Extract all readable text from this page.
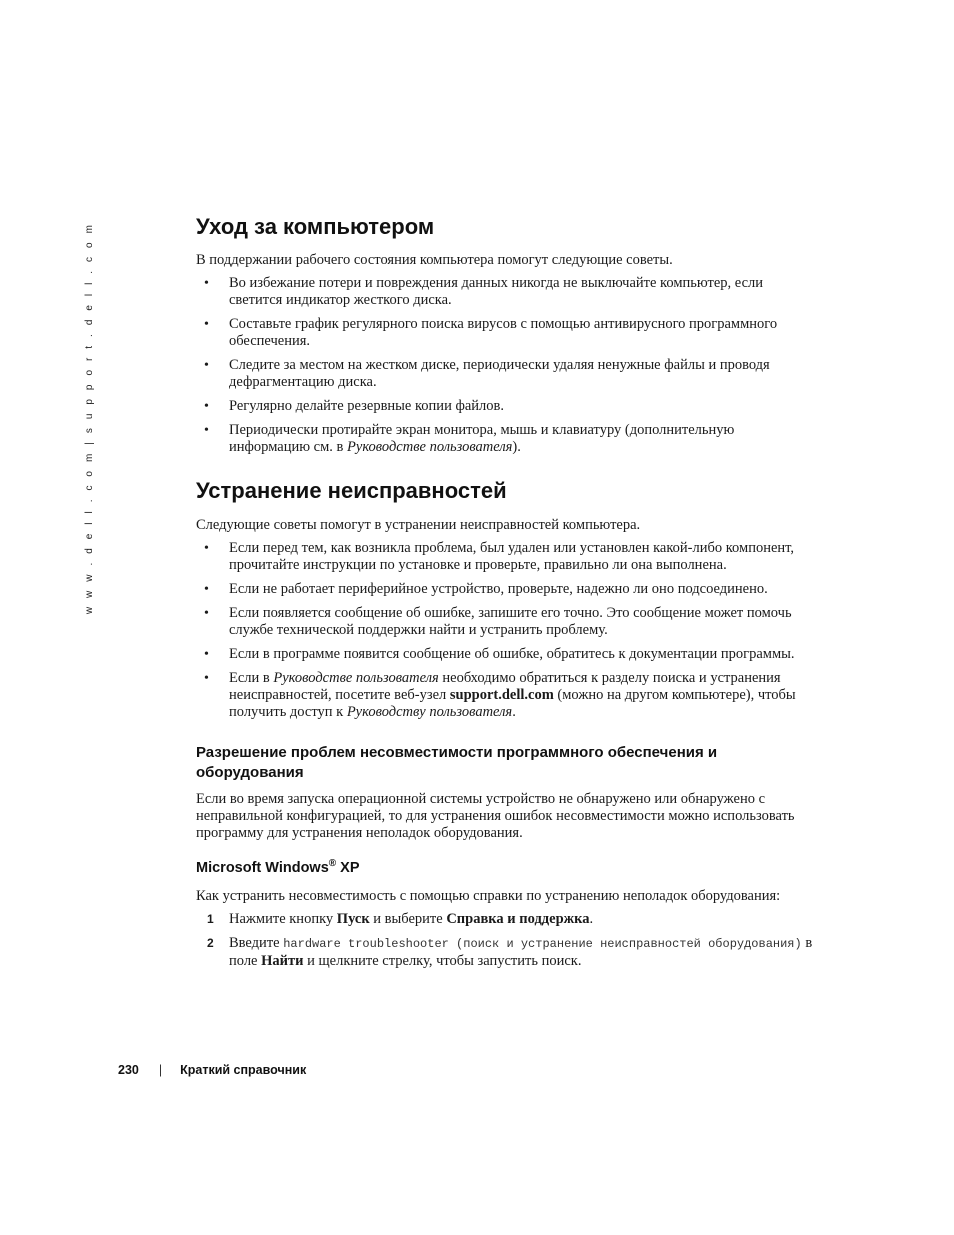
w w w . d e l l . c o m | s u p p o r t . d e l l . c o m	Уход за компьютером

В поддержании рабочего состояния компьютера помогут следующие советы.

• Во избежание потери и повреждения данных никогда не выключайте компьютер, если светится индикатор жесткого диска.
• Составьте график регулярного поиска вирусов с помощью антивирусного программного обеспечения.
• Следите за местом на жестком диске, периодически удаляя ненужные файлы и проводя дефрагментацию диска.
• Регулярно делайте резервные копии файлов.
• Периодически протирайте экран монитора, мышь и клавиатуру (дополнительную информацию см. в Руководстве пользователя).
Устранение неисправностей

Следующие советы помогут в устранении неисправностей компьютера.

• Если перед тем, как возникла проблема, был удален или установлен какой-либо компонент, прочитайте инструкции по установке и проверьте, правильно ли она выполнена.
• Если не работает периферийное устройство, проверьте, надежно ли оно подсоединено.
• Если появляется сообщение об ошибке, запишите его точно. Это сообщение может помочь службе технической поддержки найти и устранить проблему.
• Если в программе появится сообщение об ошибке, обратитесь к документации программы.
• Если в Руководстве пользователя необходимо обратиться к разделу поиска и устранения неисправностей, посетите веб-узел support.dell.com (можно на другом компьютере), чтобы получить доступ к Руководству пользователя.
Разрешение проблем несовместимости программного обеспечения и оборудования

Если во время запуска операционной системы устройство не обнаружено или обнаружено с неправильной конфигурацией, то для устранения ошибок несовместимости можно использовать программу для устранения неполадок оборудования.

Microsoft Windows® XP

Как устранить несовместимость с помощью справки по устранению неполадок оборудования:

1 Нажмите кнопку Пуск и выберите Справка и поддержка.
2 Введите hardware troubleshooter (поиск и устранение неисправностей оборудования) в поле Найти и щелкните стрелку, чтобы запустить поиск.
230 | Краткий справочник
